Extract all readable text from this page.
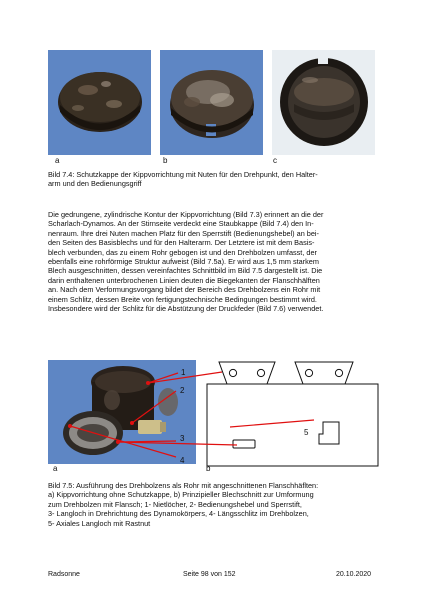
a	b	c
Bild 7.4: Schutzkappe der Kippvorrichtung mit Nuten für den Drehpunkt, den Halter-
arm und den Bedienungsgriff
Die gedrungene, zylindrische Kontur der Kippvorrichtung (Bild 7.3) erinnert an die der
Scharlach-Dynamos. An der Stirnseite verdeckt eine Staubkappe (Bild 7.4) den In-
nenraum. Ihre drei Nuten machen Platz für den Sperrstift (Bedienungshebel) an bei-
den Seiten des Basisblechs und für den Halterarm. Der Letztere ist mit dem Basis-
blech verbunden, das zu einem Rohr gebogen ist und den Drehbolzen umfasst, der
ebenfalls eine rohrförmige Struktur aufweist (Bild 7.5a). Er wird aus 1,5 mm starkem
Blech ausgeschnitten, dessen vereinfachtes Schnittbild im Bild 7.5 dargestellt ist. Die
darin enthaltenen unterbrochenen Linien deuten die Biegekanten der Flanschhälften
an. Nach dem Verformungsvorgang bildet der Bereich des Drehbolzens ein Rohr mit
einem Schlitz, dessen Breite von fertigungstechnische Bedingungen bestimmt wird.
Insbesondere wird der Schlitz für die Abstützung der Druckfeder (Bild 7.6) verwendet.
1
2
3
4
5
a	b
Bild 7.5: Ausführung des Drehbolzens als Rohr mit angeschnittenen Flanschhäflten:
a) Kippvorrichtung ohne Schutzkappe, b) Prinzipieller Blechschnitt zur Umformung
zum Drehbolzen mit Flansch; 1- Nietlöcher, 2- Bedienungshebel und Sperrstift,
3- Langloch in Drehrichtung des Dynamokörpers, 4- Längsschlitz im Drehbolzen,
5- Axiales Langloch mit Rastnut
Radsonne	Seite 98 von 152	20.10.2020
